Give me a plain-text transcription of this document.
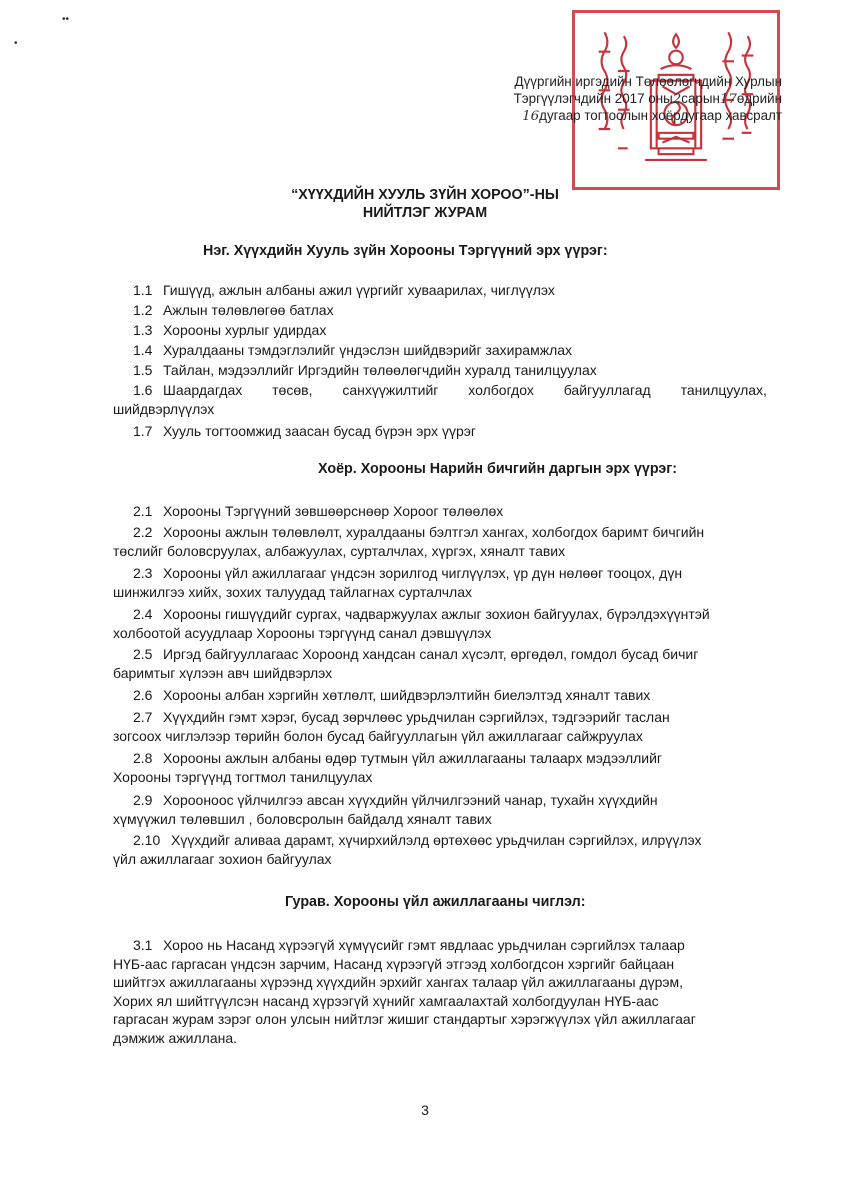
••
•
Дүүргийн иргэдийн Төлөөлөгчдийн Хурлын
Тэргүүлэгчдийн 2017 оны2сарын17өдрийн
16дугаар тогтоолын хоёрдугаар хавсралт
“ХҮҮХДИЙН ХУУЛЬ ЗҮЙН ХОРОО”-НЫ
НИЙТЛЭГ ЖУРАМ
Нэг. Хүүхдийн Хууль зүйн Хорооны Тэргүүний эрх үүрэг:
1.1 Гишүүд, ажлын албаны ажил үүргийг хуваарилах, чиглүүлэх
1.2 Ажлын төлөвлөгөө батлах
1.3 Хорооны хурлыг удирдах
1.4 Хуралдааны тэмдэглэлийг үндэслэн шийдвэрийг захирамжлах
1.5 Тайлан, мэдээллийг Иргэдийн төлөөлөгчдийн хуралд танилцуулах
1.6 Шаардагдах төсөв, санхүүжилтийг холбогдох байгууллагад танилцуулах,
шийдвэрлүүлэх
1.7 Хууль тогтоомжид заасан бусад бүрэн эрх үүрэг
Хоёр. Хорооны Нарийн бичгийн даргын эрх үүрэг:
2.1 Хорооны Тэргүүний зөвшөөрснөөр Хороог төлөөлөх
2.2 Хорооны ажлын төлөвлөлт, хуралдааны бэлтгэл хангах, холбогдох баримт бичгийн
төслийг боловсруулах, албажуулах, сурталчлах, хүргэх, хяналт тавих
2.3 Хорооны үйл ажиллагааг үндсэн зорилгод чиглүүлэх, үр дүн нөлөөг тооцох, дүн
шинжилгээ хийх, зохих талуудад тайлагнах сурталчлах
2.4 Хорооны гишүүдийг сургах, чадваржуулах ажлыг зохион байгуулах, бүрэлдэхүүнтэй
холбоотой асуудлаар Хорооны тэргүүнд санал дэвшүүлэх
2.5 Иргэд байгууллагаас Хороонд хандсан санал хүсэлт, өргөдөл, гомдол бусад бичиг
баримтыг хүлээн авч шийдвэрлэх
2.6 Хорооны албан хэргийн хөтлөлт, шийдвэрлэлтийн биелэлтэд хяналт тавих
2.7 Хүүхдийн гэмт хэрэг, бусад зөрчлөөс урьдчилан сэргийлэх, тэдгээрийг таслан
зогсоох чиглэлээр төрийн болон бусад байгууллагын үйл ажиллагааг сайжруулах
2.8 Хорооны ажлын албаны өдөр тутмын үйл ажиллагааны талаарх мэдээллийг
Хорооны тэргүүнд тогтмол танилцуулах
2.9 Хорооноос үйлчилгээ авсан хүүхдийн үйлчилгээний чанар, тухайн хүүхдийн
хүмүүжил төлөвшил , боловсролын байдалд хяналт тавих
2.10 Хүүхдийг аливаа дарамт, хүчирхийлэлд өртөхөөс урьдчилан сэргийлэх, илрүүлэх
үйл ажиллагааг зохион байгуулах
Гурав. Хорооны үйл ажиллагааны чиглэл:
3.1 Хороо нь Насанд хүрээгүй хүмүүсийг гэмт явдлаас урьдчилан сэргийлэх талаар
НҮБ-аас гаргасан үндсэн зарчим, Насанд хүрээгүй этгээд холбогдсон хэргийг байцаан
шийтгэх ажиллагааны хүрээнд хүүхдийн эрхийг хангах талаар үйл ажиллагааны дүрэм,
Хорих ял шийтгүүлсэн насанд хүрээгүй хүнийг хамгаалахтай холбогдуулан НҮБ-аас
гаргасан журам зэрэг олон улсын нийтлэг жишиг стандартыг хэрэгжүүлэх үйл ажиллагааг
дэмжиж ажиллана.
3
